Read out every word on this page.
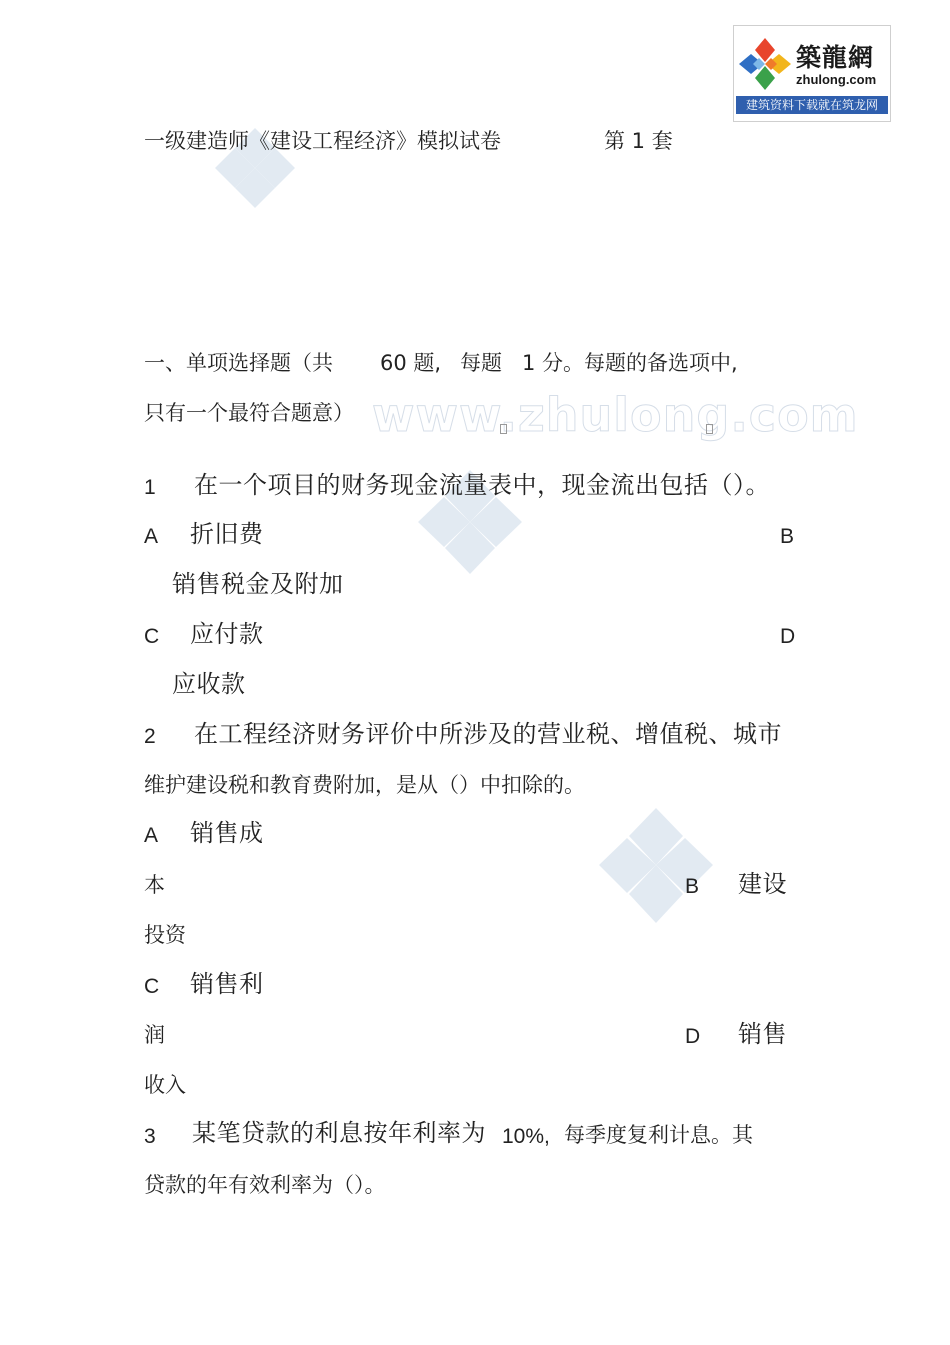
www.zhulong.com
築龍網
zhulong.com
建筑资料下载就在筑龙网
一级建造师《建设工程经济》模拟试卷	第 1 套
一、单项选择题（共 60 题, 每题 1 分。每题的备选项中,
只有一个最符合题意）
1 在一个项目的财务现金流量表中，现金流出包括（）。
A 折旧费	B
销售税金及附加
C 应付款	D
应收款
2 在工程经济财务评价中所涉及的营业税、增值税、城市
维护建设税和教育费附加，是从（）中扣除的。
A 销售成
本	B 建设
投资
C 销售利
润	D 销售
收入
3 某笔贷款的利息按年利率为 10%, 每季度复利计息。其
贷款的年有效利率为（）。
